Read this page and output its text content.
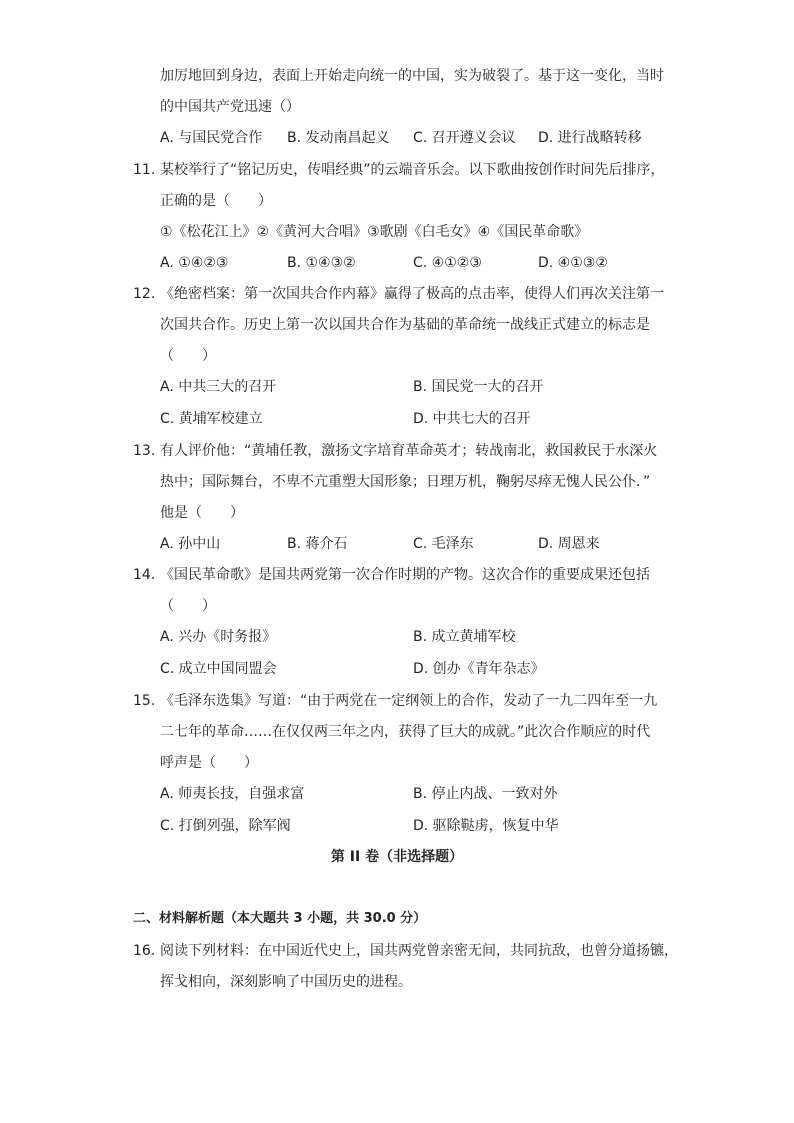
加厉地回到身边，表面上开始走向统一的中国，实为破裂了。基于这一变化，当时
的中国共产党迅速（）
A. 与国民党合作 B. 发动南昌起义 C. 召开遵义会议 D. 进行战略转移
11. 某校举行了“铭记历史，传唱经典”的云端音乐会。以下歌曲按创作时间先后排序，
正确的是（　　）
①《松花江上》②《黄河大合唱》③歌剧《白毛女》④《国民革命歌》
A. ①④②③	B. ①④③②	C. ④①②③	D. ④①③②
12. 《绝密档案：第一次国共合作内幕》赢得了极高的点击率，使得人们再次关注第一
次国共合作。历史上第一次以国共合作为基础的革命统一战线正式建立的标志是
（　　）
A. 中共三大的召开	B. 国民党一大的召开
C. 黄埔军校建立	D. 中共七大的召开
13. 有人评价他：“黄埔任教，激扬文字培育革命英才；转战南北，救国救民于水深火
热中；国际舞台，不卑不亢重塑大国形象；日理万机，鞠躬尽瘁无愧人民公仆．”
他是（　　）
A. 孙中山	B. 蒋介石	C. 毛泽东	D. 周恩来
14. 《国民革命歌》是国共两党第一次合作时期的产物。这次合作的重要成果还包括
（　　）
A. 兴办《时务报》	B. 成立黄埔军校
C. 成立中国同盟会	D. 创办《青年杂志》
15. 《毛泽东选集》写道：“由于两党在一定纲领上的合作，发动了一九二四年至一九
二七年的革命……在仅仅两三年之内，获得了巨大的成就。”此次合作顺应的时代
呼声是（　　）
A. 师夷长技，自强求富	B. 停止内战、一致对外
C. 打倒列强，除军阀	D. 驱除鞑虏，恢复中华
第 II 卷（非选择题）
二、材料解析题（本大题共 3 小题，共 30.0 分）
16. 阅读下列材料：在中国近代史上，国共两党曾亲密无间，共同抗敌，也曾分道扬镳，
挥戈相向，深刻影响了中国历史的进程。
